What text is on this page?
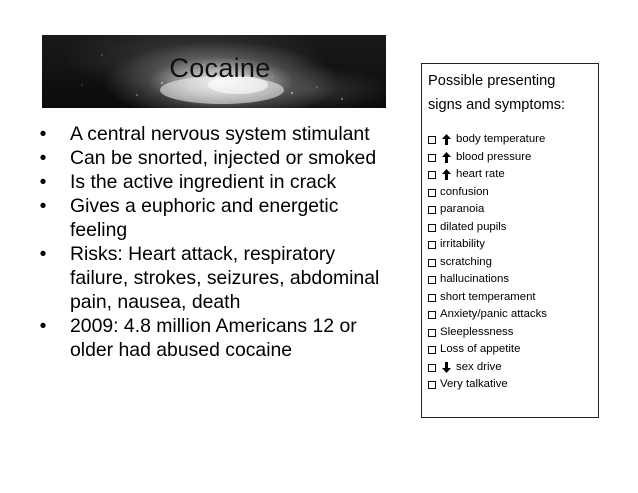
Cocaine
• A central nervous system stimulant
• Can be snorted, injected or smoked
• Is the active ingredient in crack
• Gives a euphoric and energetic feeling
• Risks: Heart attack, respiratory failure, strokes, seizures, abdominal pain, nausea, death
• 2009: 4.8 million Americans 12 or older had abused cocaine

Possible presenting
signs and symptoms:

body temperature
blood pressure
heart rate
confusion
paranoia
dilated pupils
irritability
scratching
hallucinations
short temperament
Anxiety/panic attacks
Sleeplessness
Loss of appetite
sex drive
Very talkative
